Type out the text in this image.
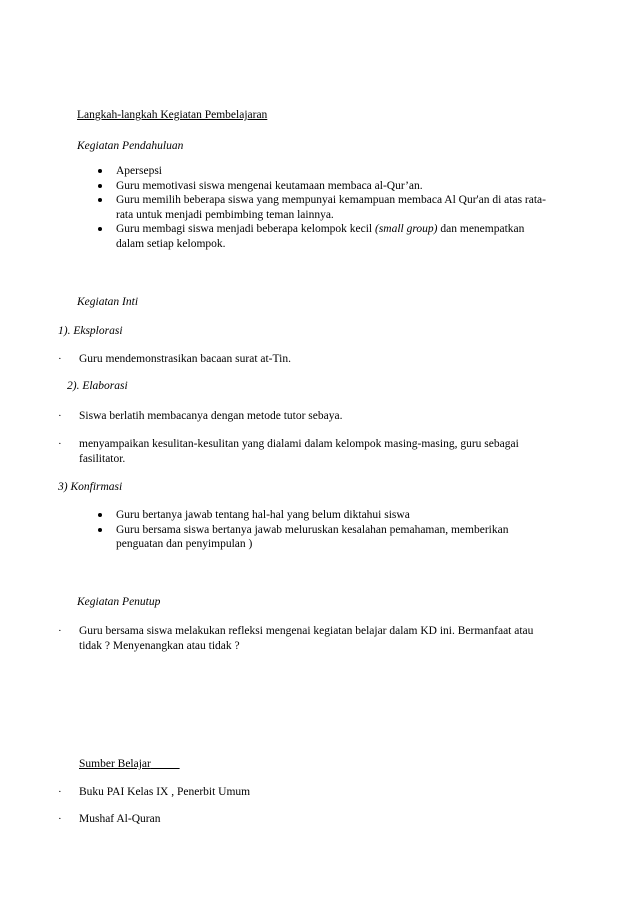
Langkah-langkah Kegiatan Pembelajaran
Kegiatan Pendahuluan
Apersepsi
Guru memotivasi siswa mengenai keutamaan membaca al-Qur’an.
Guru memilih beberapa siswa yang mempunyai kemampuan membaca Al Qur'an di atas rata-rata untuk menjadi pembimbing teman lainnya.
Guru membagi siswa menjadi beberapa kelompok kecil (small group) dan menempatkan dalam setiap kelompok.
Kegiatan Inti
1). Eksplorasi
· Guru mendemonstrasikan bacaan surat at-Tin.
2). Elaborasi
· Siswa berlatih membacanya dengan metode tutor sebaya.
· menyampaikan kesulitan-kesulitan yang dialami dalam kelompok masing-masing, guru sebagai fasilitator.
3) Konfirmasi
Guru bertanya jawab tentang hal-hal yang belum diktahui siswa
Guru bersama siswa bertanya jawab meluruskan kesalahan pemahaman, memberikan penguatan dan penyimpulan )
Kegiatan Penutup
· Guru bersama siswa melakukan refleksi mengenai kegiatan belajar dalam KD ini. Bermanfaat atau tidak ? Menyenangkan atau tidak ?
Sumber Belajar
· Buku PAI Kelas IX , Penerbit Umum
· Mushaf Al-Quran
